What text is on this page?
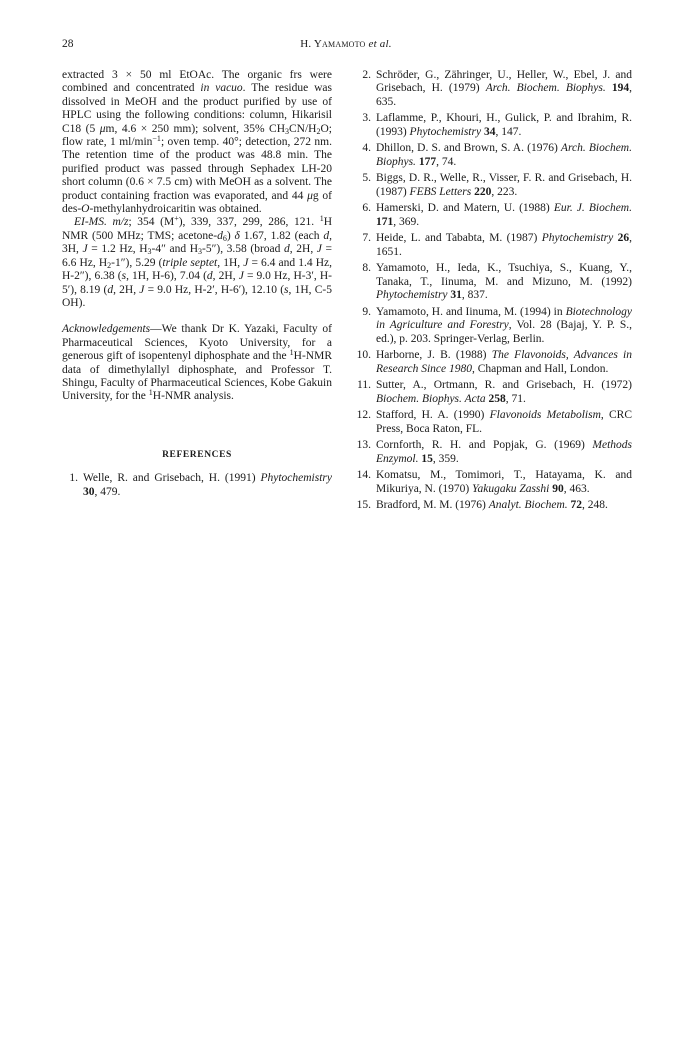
28	H. Yamamoto et al.

extracted 3 × 50 ml EtOAc. The organic frs were combined and concentrated in vacuo. The residue was dissolved in MeOH and the product purified by use of HPLC using the following conditions: column, Hikarisil C18 (5 μm, 4.6 × 250 mm); solvent, 35% $CH_3CN/H_2O$; flow rate, 1 $ml/\min^{-1}$; oven temp. 40°; detection, 272 nm. The retention time of the product was 48.8 min. The purified product was passed through Sephadex LH-20 short column (0.6 × 7.5 cm) with MeOH as a solvent. The product containing fraction was evaporated, and 44 μg of des-O-methylanhydroicaritin was obtained.

EI-MS. m/z; 354 (M+), 339, 337, 299, 286, 121. $^1$H NMR (500 MHz; TMS; acetone-$d_6$) δ 1.67, 1.82 (each d, 3H, J = 1.2 Hz, $H_3-4''$ and $H_3-5''$), 3.58 (broad d, 2H, J = 6.6 Hz, $H_2-1''$), 5.29 (triple septet, 1H, J = 6.4 and 1.4 Hz, H-2″), 6.38 (s, 1H, H-6), 7.04 (d, 2H, J = 9.0 Hz, H-3′, H-5′), 8.19 (d, 2H, J = 9.0 Hz, H-2′, H-6′), 12.10 (s, 1H, C-5 OH).

Acknowledgements—We thank Dr K. Yazaki, Faculty of Pharmaceutical Sciences, Kyoto University, for a generous gift of isopentenyl diphosphate and the $^1$H-NMR data of dimethylallyl diphosphate, and Professor T. Shingu, Faculty of Pharmaceutical Sciences, Kobe Gakuin University, for the $^1$H-NMR analysis.

REFERENCES
1. Welle, R. and Grisebach, H. (1991) Phytochemistry 30, 479.
2. Schröder, G., Zähringer, U., Heller, W., Ebel, J. and Grisebach, H. (1979) Arch. Biochem. Biophys. 194, 635.
3. Laflamme, P., Khouri, H., Gulick, P. and Ibrahim, R. (1993) Phytochemistry 34, 147.
4. Dhillon, D. S. and Brown, S. A. (1976) Arch. Biochem. Biophys. 177, 74.
5. Biggs, D. R., Welle, R., Visser, F. R. and Grisebach, H. (1987) FEBS Letters 220, 223.
6. Hamerski, D. and Matern, U. (1988) Eur. J. Biochem. 171, 369.
7. Heide, L. and Tababta, M. (1987) Phytochemistry 26, 1651.
8. Yamamoto, H., Ieda, K., Tsuchiya, S., Kuang, Y., Tanaka, T., Iinuma, M. and Mizuno, M. (1992) Phytochemistry 31, 837.
9. Yamamoto, H. and Iinuma, M. (1994) in Biotechnology in Agriculture and Forestry, Vol. 28 (Bajaj, Y. P. S., ed.), p. 203. Springer-Verlag, Berlin.
10. Harborne, J. B. (1988) The Flavonoids, Advances in Research Since 1980, Chapman and Hall, London.
11. Sutter, A., Ortmann, R. and Grisebach, H. (1972) Biochem. Biophys. Acta 258, 71.
12. Stafford, H. A. (1990) Flavonoids Metabolism, CRC Press, Boca Raton, FL.
13. Cornforth, R. H. and Popjak, G. (1969) Methods Enzymol. 15, 359.
14. Komatsu, M., Tomimori, T., Hatayama, K. and Mikuriya, N. (1970) Yakugaku Zasshi 90, 463.
15. Bradford, M. M. (1976) Analyt. Biochem. 72, 248.
